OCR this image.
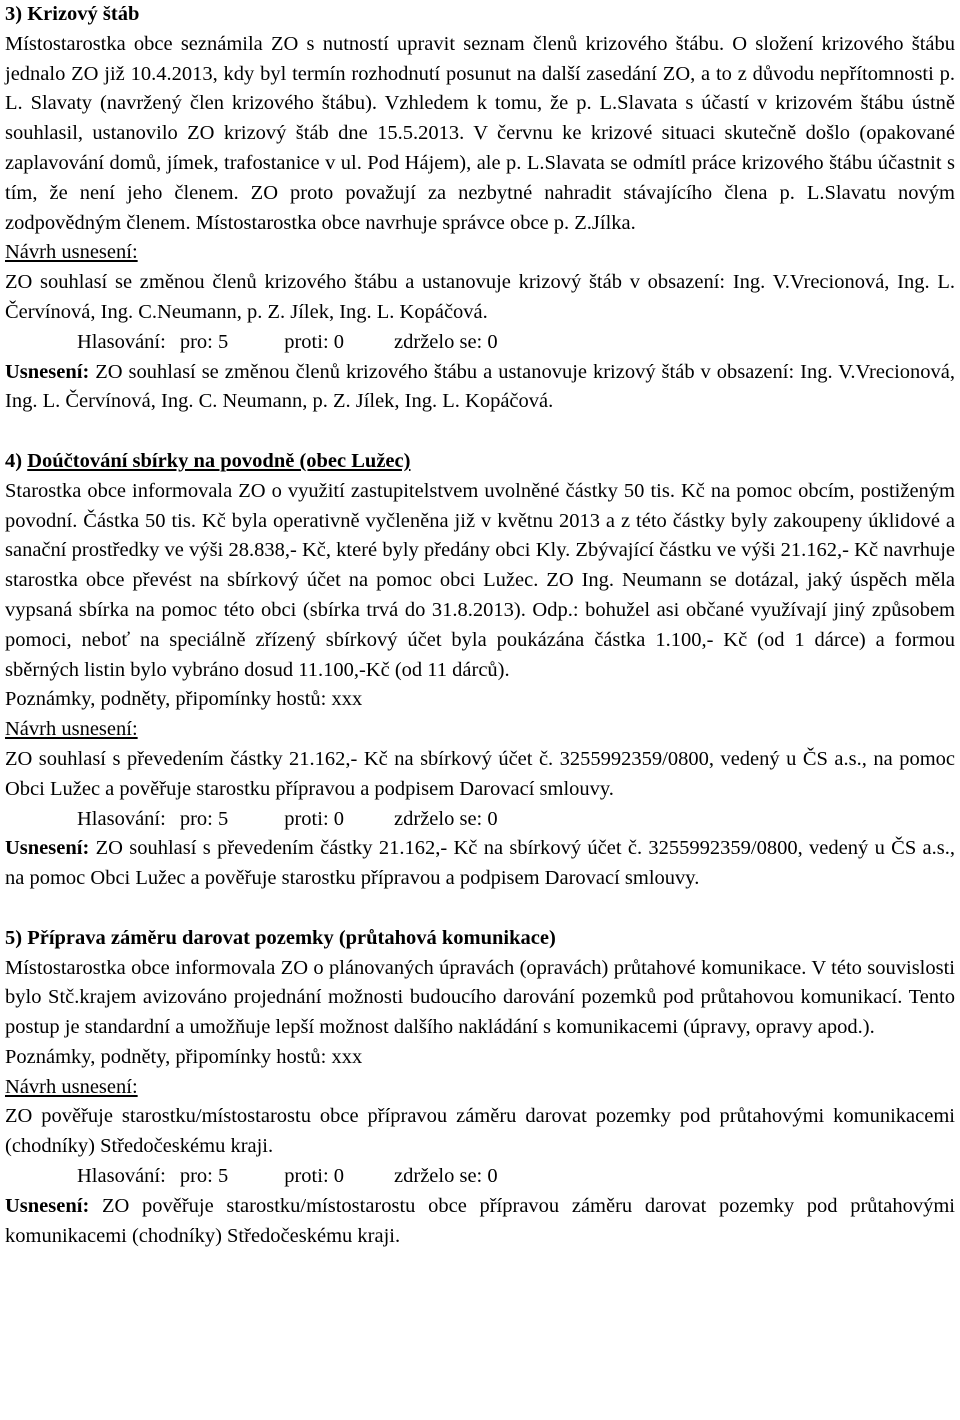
3) Krizový štáb

Místostarostka obce seznámila ZO s nutností upravit seznam členů krizového štábu. O složení krizového štábu jednalo ZO již 10.4.2013, kdy byl termín rozhodnutí posunut na další zasedání ZO, a to z důvodu nepřítomnosti p. L. Slavaty (navržený člen krizového štábu). Vzhledem k tomu, že p. L.Slavata s účastí v krizovém štábu ústně souhlasil, ustanovilo ZO krizový štáb dne 15.5.2013. V červnu ke krizové situaci skutečně došlo (opakované zaplavování domů, jímek, trafostanice v ul. Pod Hájem), ale p. L.Slavata se odmítl práce krizového štábu účastnit s tím, že není jeho členem. ZO proto považují za nezbytné nahradit stávajícího člena p. L.Slavatu novým zodpovědným členem. Místostarostka obce navrhuje správce obce p. Z.Jílka.

Návrh usnesení:

ZO souhlasí se změnou členů krizového štábu a ustanovuje krizový štáb v obsazení: Ing. V.Vrecionová, Ing. L. Červínová, Ing. C.Neumann, p. Z. Jílek, Ing. L. Kopáčová.

Hlasování: pro: 5	proti: 0 zdrželo se: 0

Usnesení: ZO souhlasí se změnou členů krizového štábu a ustanovuje krizový štáb v obsazení: Ing. V.Vrecionová, Ing. L. Červínová, Ing. C. Neumann, p. Z. Jílek, Ing. L. Kopáčová.

4) Doúčtování sbírky na povodně (obec Lužec)

Starostka obce informovala ZO o využití zastupitelstvem uvolněné částky 50 tis. Kč na pomoc obcím, postiženým povodní. Částka 50 tis. Kč byla operativně vyčleněna již v květnu 2013 a z této částky byly zakoupeny úklidové a sanační prostředky ve výši 28.838,- Kč, které byly předány obci Kly. Zbývající částku ve výši 21.162,- Kč navrhuje starostka obce převést na sbírkový účet na pomoc obci Lužec. ZO Ing. Neumann se dotázal, jaký úspěch měla vypsaná sbírka na pomoc této obci (sbírka trvá do 31.8.2013). Odp.: bohužel asi občané využívají jiný způsobem pomoci, neboť na speciálně zřízený sbírkový účet byla poukázána částka 1.100,- Kč (od 1 dárce) a formou sběrných listin bylo vybráno dosud 11.100,-Kč (od 11 dárců).

Poznámky, podněty, připomínky hostů: xxx

Návrh usnesení:

ZO souhlasí s převedením částky 21.162,- Kč na sbírkový účet č. 3255992359/0800, vedený u ČS a.s., na pomoc Obci Lužec a pověřuje starostku přípravou a podpisem Darovací smlouvy.

Hlasování: pro: 5	proti: 0 zdrželo se: 0

Usnesení: ZO souhlasí s převedením částky 21.162,- Kč na sbírkový účet č. 3255992359/0800, vedený u ČS a.s., na pomoc Obci Lužec a pověřuje starostku přípravou a podpisem Darovací smlouvy.

5) Příprava záměru darovat pozemky (průtahová komunikace)

Místostarostka obce informovala ZO o plánovaných úpravách (opravách) průtahové komunikace. V této souvislosti bylo Stč.krajem avizováno projednání možnosti budoucího darování pozemků pod průtahovou komunikací. Tento postup je standardní a umožňuje lepší možnost dalšího nakládání s komunikacemi (úpravy, opravy apod.).

Poznámky, podněty, připomínky hostů: xxx

Návrh usnesení:

ZO pověřuje starostku/místostarostu obce přípravou záměru darovat pozemky pod průtahovými komunikacemi (chodníky) Středočeskému kraji.

Hlasování: pro: 5	proti: 0 zdrželo se: 0

Usnesení: ZO pověřuje starostku/místostarostu obce přípravou záměru darovat pozemky pod průtahovými komunikacemi (chodníky) Středočeskému kraji.
